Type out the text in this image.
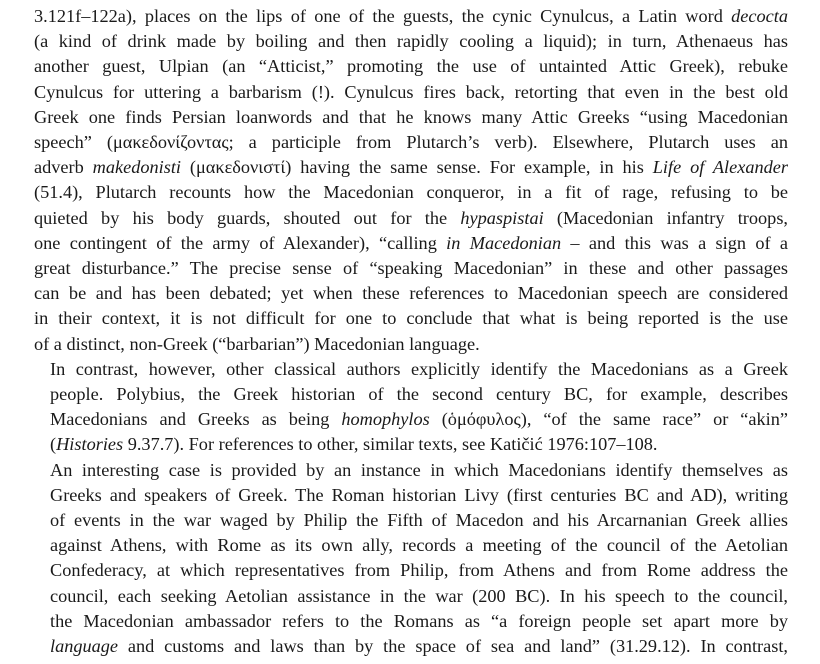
3.121f–122a), places on the lips of one of the guests, the cynic Cynulcus, a Latin word decocta
(a kind of drink made by boiling and then rapidly cooling a liquid); in turn, Athenaeus has
another guest, Ulpian (an “Atticist,” promoting the use of untainted Attic Greek), rebuke
Cynulcus for uttering a barbarism (!). Cynulcus fires back, retorting that even in the best old
Greek one finds Persian loanwords and that he knows many Attic Greeks “using Macedonian
speech” (μακεδονίζοντας; a participle from Plutarch’s verb). Elsewhere, Plutarch uses an
adverb makedonisti (μακεδονιστί) having the same sense. For example, in his Life of Alexander
(51.4), Plutarch recounts how the Macedonian conqueror, in a fit of rage, refusing to be
quieted by his body guards, shouted out for the hypaspistai (Macedonian infantry troops,
one contingent of the army of Alexander), “calling in Macedonian – and this was a sign of a
great disturbance.” The precise sense of “speaking Macedonian” in these and other passages
can be and has been debated; yet when these references to Macedonian speech are considered
in their context, it is not difficult for one to conclude that what is being reported is the use
of a distinct, non-Greek (“barbarian”) Macedonian language.

In contrast, however, other classical authors explicitly identify the Macedonians as a Greek
people. Polybius, the Greek historian of the second century BC, for example, describes
Macedonians and Greeks as being homophylos (ὁμόφυλος), “of the same race” or “akin”
(Histories 9.37.7). For references to other, similar texts, see Katičić 1976:107–108.

An interesting case is provided by an instance in which Macedonians identify themselves as
Greeks and speakers of Greek. The Roman historian Livy (first centuries BC and AD), writing
of events in the war waged by Philip the Fifth of Macedon and his Arcarnanian Greek allies
against Athens, with Rome as its own ally, records a meeting of the council of the Aetolian
Confederacy, at which representatives from Philip, from Athens and from Rome address the
council, each seeking Aetolian assistance in the war (200 BC). In his speech to the council,
the Macedonian ambassador refers to the Romans as “a foreign people set apart more by
language and customs and laws than by the space of sea and land” (31.29.12). In contrast,
